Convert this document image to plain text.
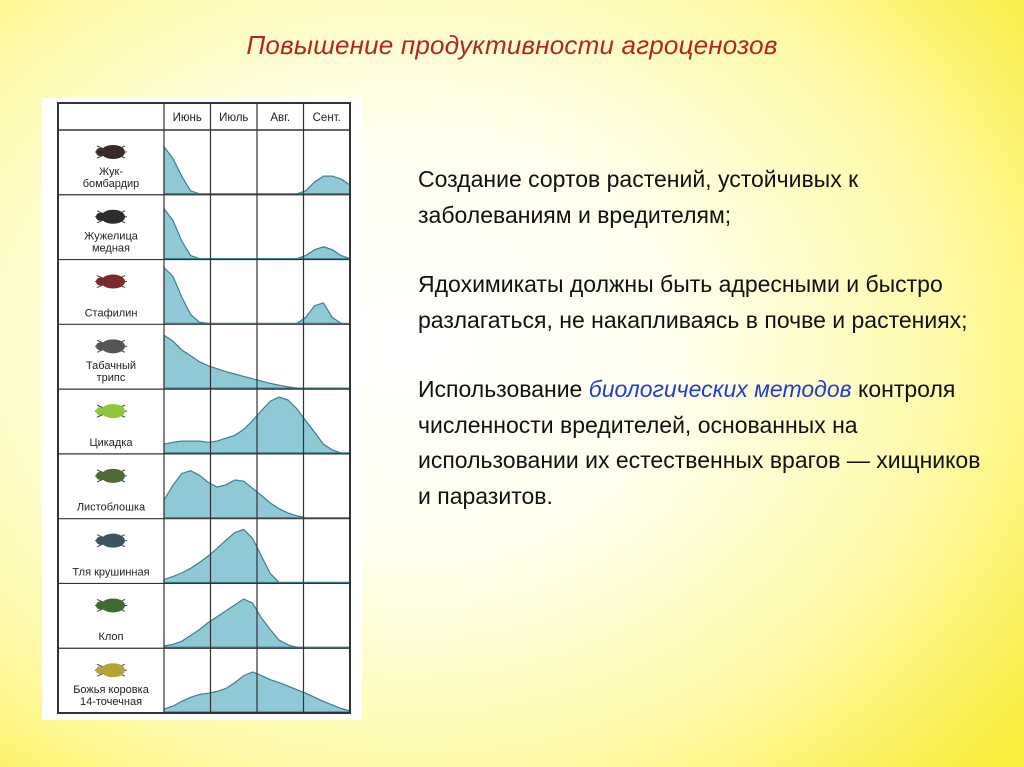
Повышение продуктивности агроценозов
Июнь Июль Авг. Сент.
Жук-
бомбардир
Жужелица
медная
Стафилин
Табачный
трипс
Цикадка
Листоблошка
Тля крушинная
Клоп
Божья коровка
14-точечная

Создание сортов растений, устойчивых к заболеваниям и вредителям;

Ядохимикаты должны быть адресными и быстро разлагаться, не накапливаясь в почве и растениях;

Использование биологических методов контроля численности вредителей, основанных на использовании их естественных врагов — хищников и паразитов.
